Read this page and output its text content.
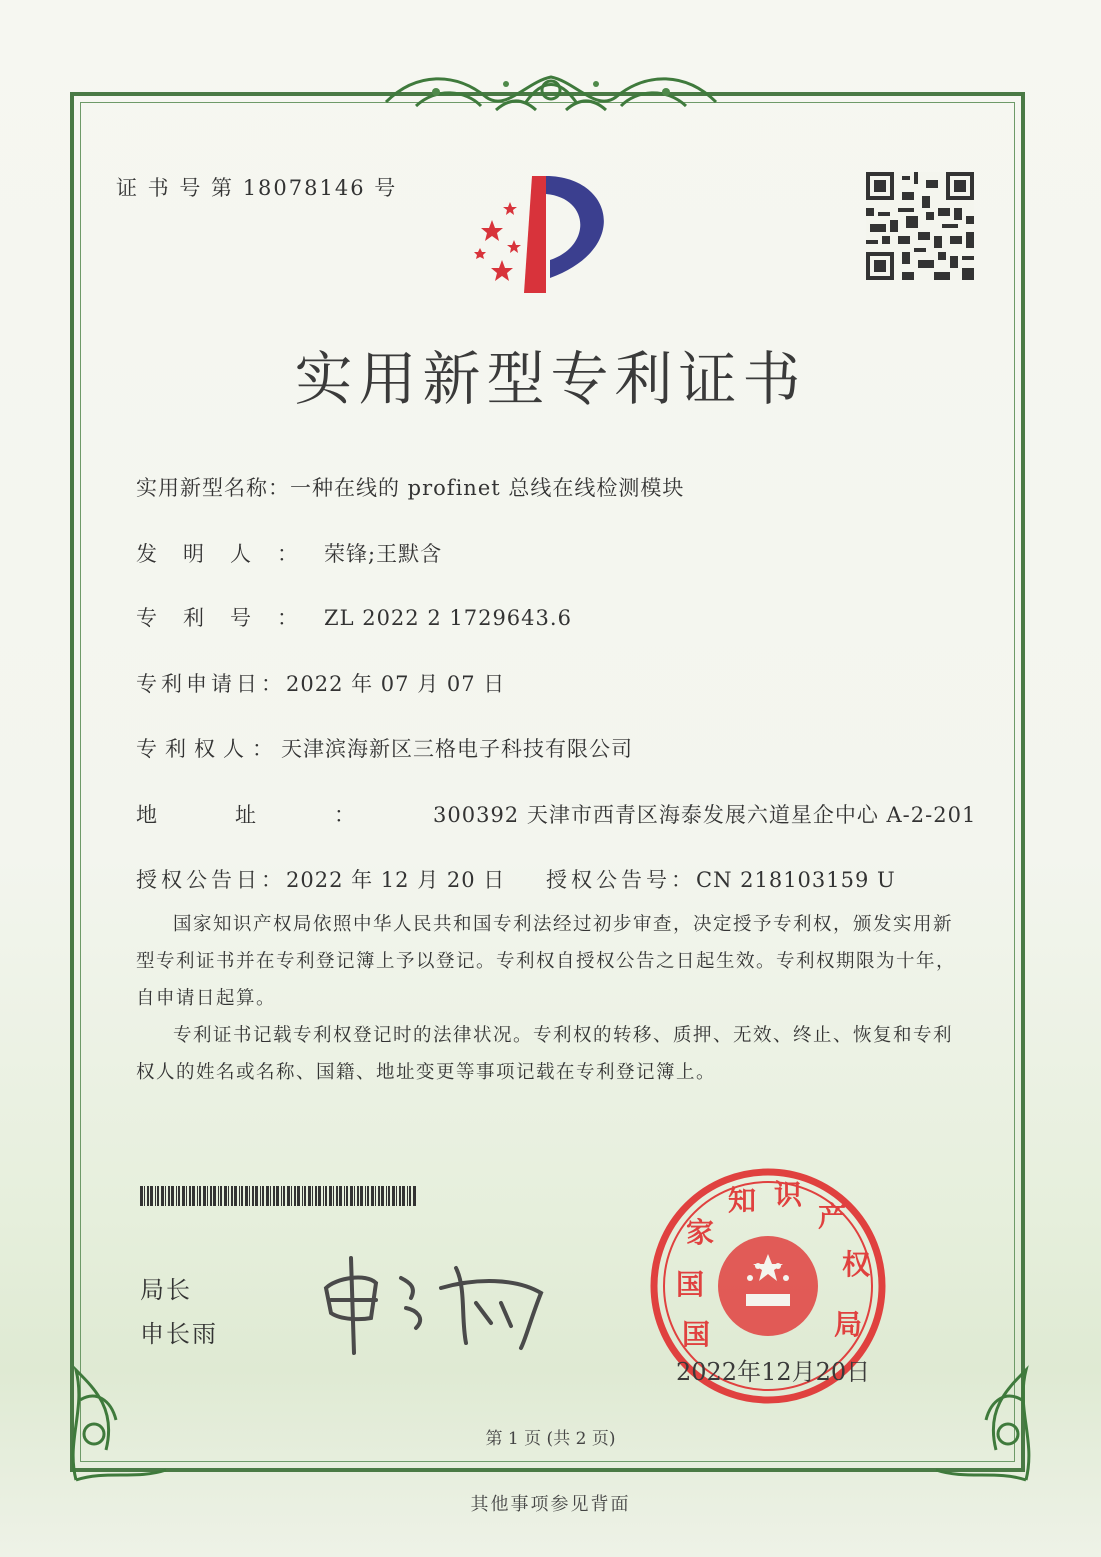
证 书 号 第 18078146 号
实用新型专利证书
实用新型名称：一种在线的 profinet 总线在线检测模块
发明人：荣锋;王默含
专利号：ZL 2022 2 1729643.6
专利申请日：2022 年 07 月 07 日
专利权人：天津滨海新区三格电子科技有限公司
地址：300392 天津市西青区海泰发展六道星企中心 A-2-201
授权公告日：2022 年 12 月 20 日 授权公告号：CN 218103159 U

国家知识产权局依照中华人民共和国专利法经过初步审查，决定授予专利权，颁发实用新型专利证书并在专利登记簿上予以登记。专利权自授权公告之日起生效。专利权期限为十年，自申请日起算。

专利证书记载专利权登记时的法律状况。专利权的转移、质押、无效、终止、恢复和专利权人的姓名或名称、国籍、地址变更等事项记载在专利登记簿上。

局长
申长雨
国
家
知 识
产
权
局
国
2022年12月20日
第 1 页 (共 2 页)
其他事项参见背面
